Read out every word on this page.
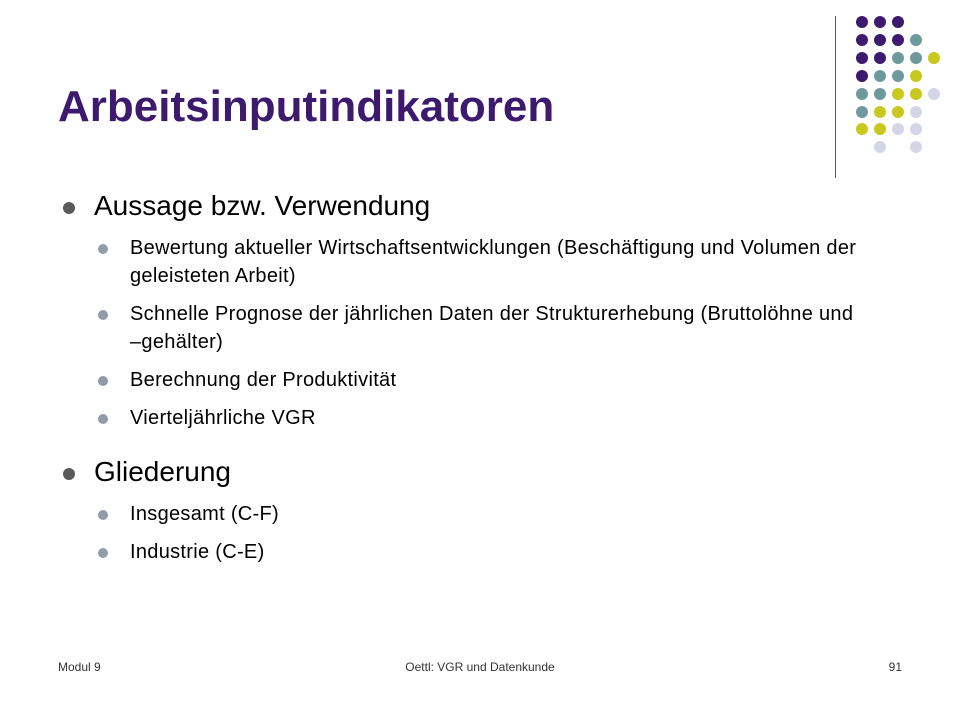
Arbeitsinputindikatoren
Aussage bzw. Verwendung
Bewertung aktueller Wirtschaftsentwicklungen (Beschäftigung und Volumen der geleisteten Arbeit)
Schnelle Prognose der jährlichen Daten der Strukturerhebung (Bruttolöhne und –gehälter)
Berechnung der Produktivität
Vierteljährliche VGR
Gliederung
Insgesamt (C-F)
Industrie (C-E)
Modul 9	Oettl: VGR und Datenkunde	91
